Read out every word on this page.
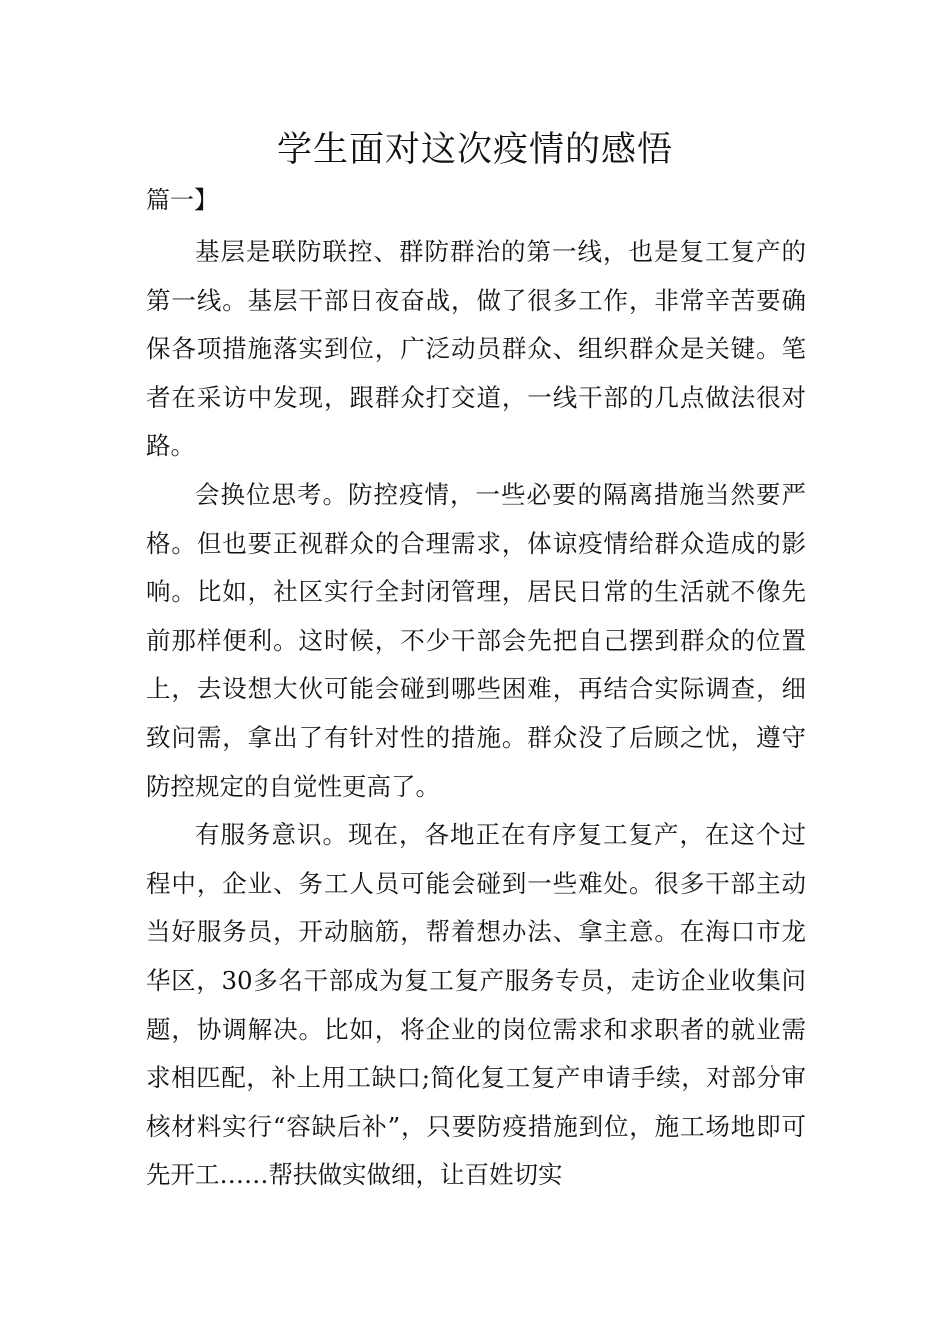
学生面对这次疫情的感悟
篇一】

基层是联防联控、群防群治的第一线，也是复工复产的第一线。基层干部日夜奋战，做了很多工作，非常辛苦要确保各项措施落实到位，广泛动员群众、组织群众是关键。笔者在采访中发现，跟群众打交道，一线干部的几点做法很对路。

会换位思考。防控疫情，一些必要的隔离措施当然要严格。但也要正视群众的合理需求，体谅疫情给群众造成的影响。比如，社区实行全封闭管理，居民日常的生活就不像先前那样便利。这时候，不少干部会先把自己摆到群众的位置上，去设想大伙可能会碰到哪些困难，再结合实际调查，细致问需，拿出了有针对性的措施。群众没了后顾之忧，遵守防控规定的自觉性更高了。

有服务意识。现在，各地正在有序复工复产，在这个过程中，企业、务工人员可能会碰到一些难处。很多干部主动当好服务员，开动脑筋，帮着想办法、拿主意。在海口市龙华区，30多名干部成为复工复产服务专员，走访企业收集问题，协调解决。比如，将企业的岗位需求和求职者的就业需求相匹配，补上用工缺口;简化复工复产申请手续，对部分审核材料实行“容缺后补”，只要防疫措施到位，施工场地即可先开工……帮扶做实做细，让百姓切实
